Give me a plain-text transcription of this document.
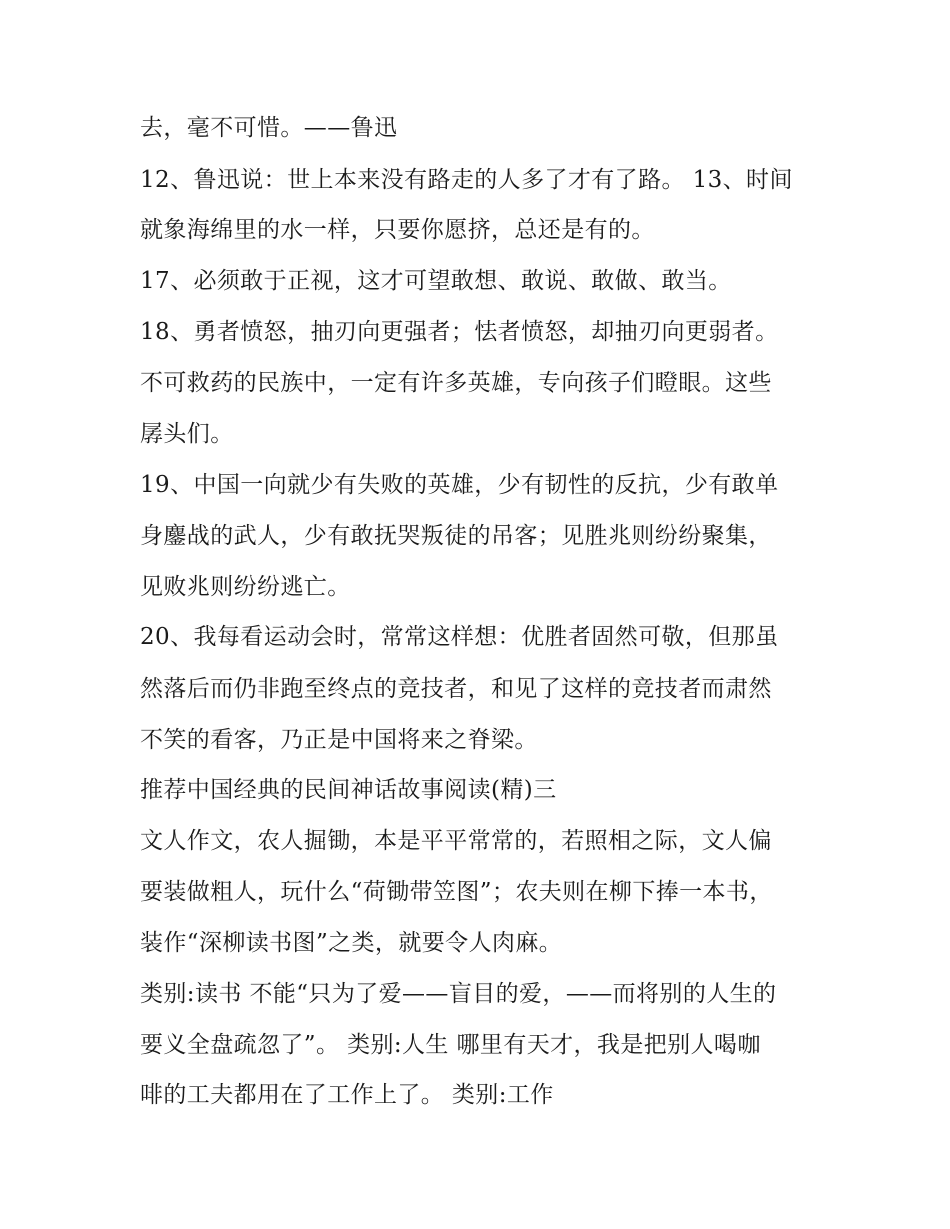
去，毫不可惜。——鲁迅
12、鲁迅说：世上本来没有路走的人多了才有了路。 13、时间
就象海绵里的水一样，只要你愿挤，总还是有的。
17、必须敢于正视，这才可望敢想、敢说、敢做、敢当。
18、勇者愤怒，抽刃向更强者；怯者愤怒，却抽刃向更弱者。
不可救药的民族中，一定有许多英雄，专向孩子们瞪眼。这些
孱头们。
19、中国一向就少有失败的英雄，少有韧性的反抗，少有敢单
身鏖战的武人，少有敢抚哭叛徒的吊客；见胜兆则纷纷聚集，
见败兆则纷纷逃亡。
20、我每看运动会时，常常这样想：优胜者固然可敬，但那虽
然落后而仍非跑至终点的竞技者，和见了这样的竞技者而肃然
不笑的看客，乃正是中国将来之脊梁。
推荐中国经典的民间神话故事阅读(精)三
文人作文，农人掘锄，本是平平常常的，若照相之际，文人偏
要装做粗人，玩什么“荷锄带笠图”；农夫则在柳下捧一本书，
装作“深柳读书图”之类，就要令人肉麻。
类别:读书 不能“只为了爱——盲目的爱，——而将别的人生的
要义全盘疏忽了”。 类别:人生 哪里有天才，我是把别人喝咖
啡的工夫都用在了工作上了。 类别:工作
